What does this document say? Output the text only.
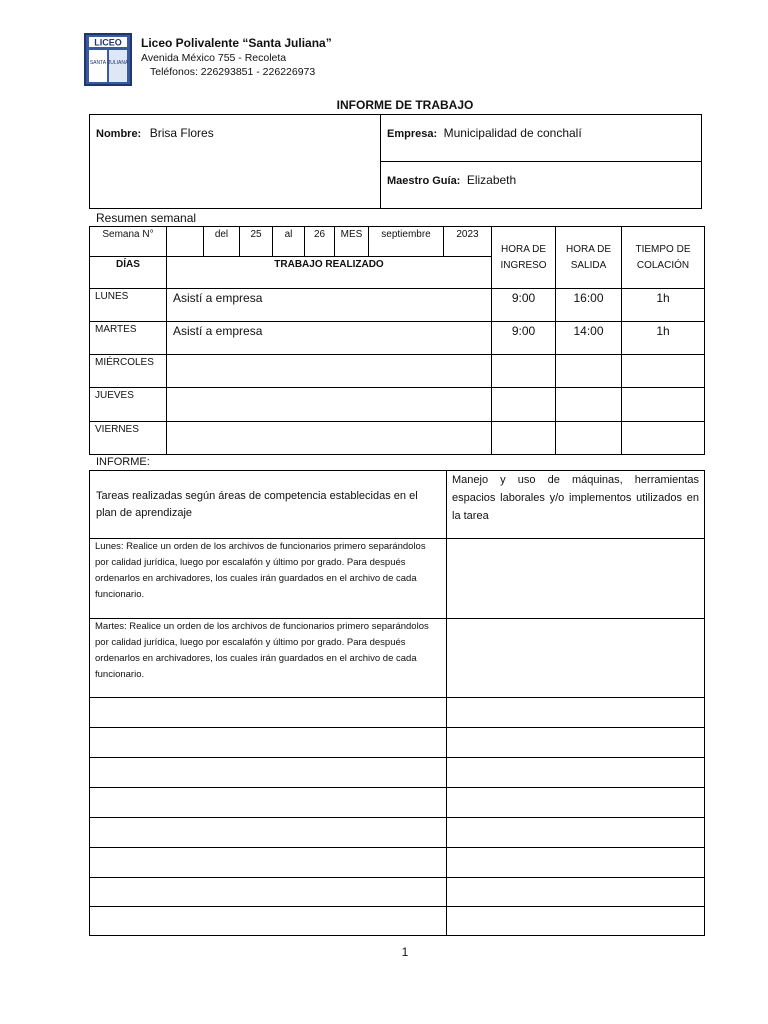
LICEO
SANTA JULIANA
Liceo Polivalente “Santa Juliana”
Avenida México 755 - Recoleta
Teléfonos: 226293851 - 226226973
INFORME DE TRABAJO
Nombre: Brisa Flores	Empresa: Municipalidad de conchalí
Maestro Guía: Elizabeth
Resumen semanal
Semana N°		del	25	al	26	MES	septiembre	2023	HORA DE INGRESO	HORA DE SALIDA	TIEMPO DE COLACIÓN
DÍAS	TRABAJO REALIZADO										
LUNES	Asistí a empresa								9:00	16:00	1h
MARTES	Asistí a empresa								9:00	14:00	1h
MIÉRCOLES											
JUEVES											
VIERNES											
INFORME:
Tareas realizadas según áreas de competencia establecidas en el plan de aprendizaje	Manejo y uso de máquinas, herramientas espacios laborales y/o implementos utilizados en la tarea
Lunes: Realice un orden de los archivos de funcionarios primero separándolos por calidad jurídica, luego por escalafón y último por grado. Para después ordenarlos en archivadores, los cuales irán guardados en el archivo de cada funcionario.	
Martes: Realice un orden de los archivos de funcionarios primero separándolos por calidad jurídica, luego por escalafón y último por grado. Para después ordenarlos en archivadores, los cuales irán guardados en el archivo de cada funcionario.	

1
